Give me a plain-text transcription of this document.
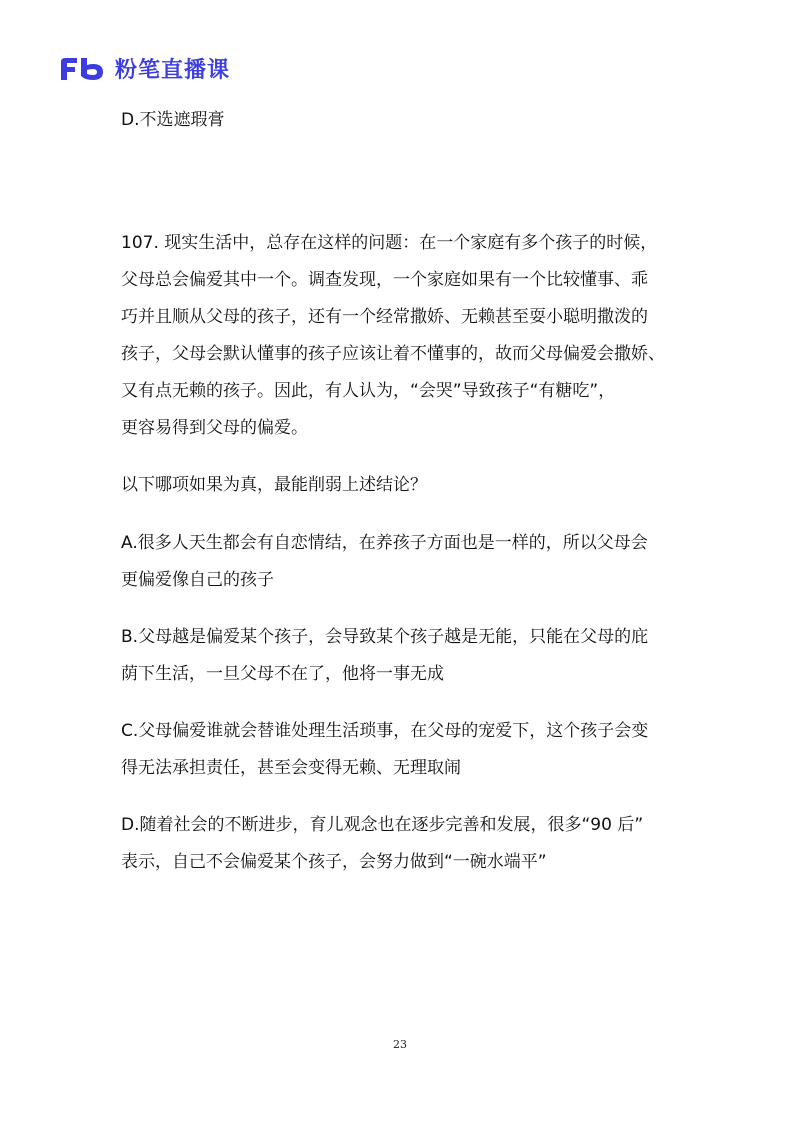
粉笔直播课
D.不选遮瑕膏
107. 现实生活中，总存在这样的问题：在一个家庭有多个孩子的时候，
父母总会偏爱其中一个。调查发现，一个家庭如果有一个比较懂事、乖
巧并且顺从父母的孩子，还有一个经常撒娇、无赖甚至耍小聪明撒泼的
孩子，父母会默认懂事的孩子应该让着不懂事的，故而父母偏爱会撒娇、
又有点无赖的孩子。因此，有人认为，“会哭”导致孩子“有糖吃”，
更容易得到父母的偏爱。
以下哪项如果为真，最能削弱上述结论？
A.很多人天生都会有自恋情结，在养孩子方面也是一样的，所以父母会
更偏爱像自己的孩子
B.父母越是偏爱某个孩子，会导致某个孩子越是无能，只能在父母的庇
荫下生活，一旦父母不在了，他将一事无成
C.父母偏爱谁就会替谁处理生活琐事，在父母的宠爱下，这个孩子会变
得无法承担责任，甚至会变得无赖、无理取闹
D.随着社会的不断进步，育儿观念也在逐步完善和发展，很多“90 后”
表示，自己不会偏爱某个孩子，会努力做到“一碗水端平”
23
